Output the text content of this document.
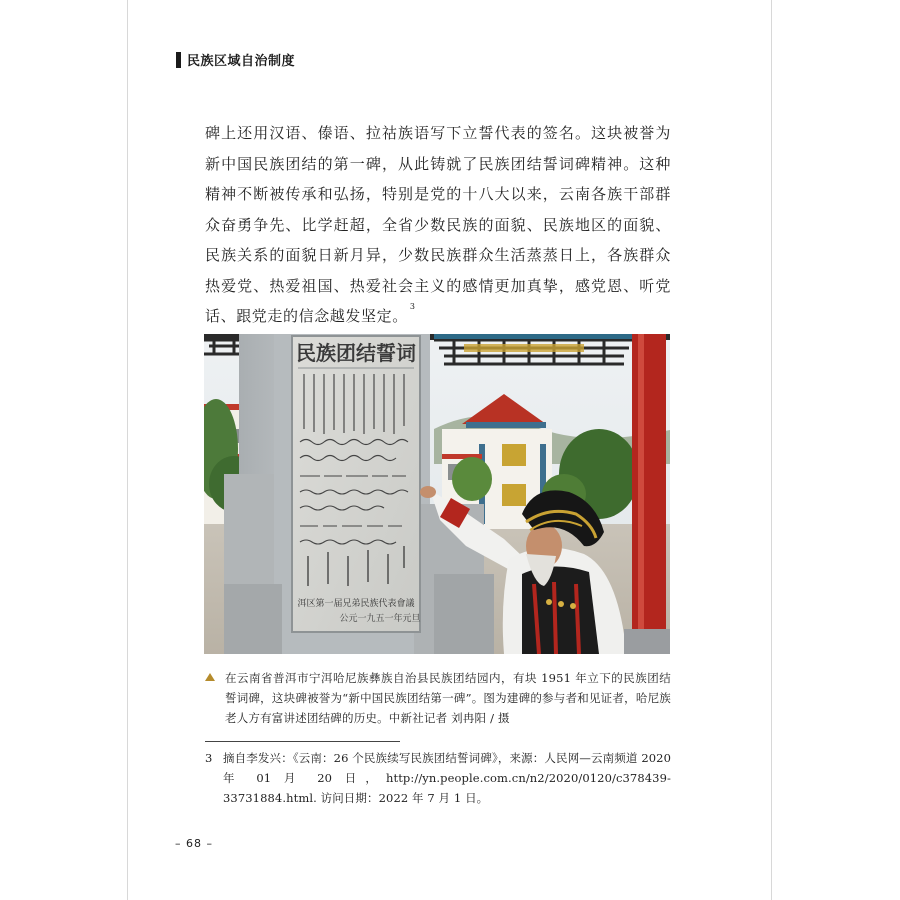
民族区域自治制度

碑上还用汉语、傣语、拉祜族语写下立誓代表的签名。这块被誉为新中国民族团结的第一碑，从此铸就了民族团结誓词碑精神。这种精神不断被传承和弘扬，特别是党的十八大以来，云南各族干部群众奋勇争先、比学赶超，全省少数民族的面貌、民族地区的面貌、民族关系的面貌日新月异，少数民族群众生活蒸蒸日上，各族群众热爱党、热爱祖国、热爱社会主义的感情更加真挚，感党恩、听党话、跟党走的信念越发坚定。$^3$

民族团结誓词
洱区第一届兄弟民族代表會議
公元一九五一年元旦

在云南省普洱市宁洱哈尼族彝族自治县民族团结园内，有块 1951 年立下的民族团结誓词碑，这块碑被誉为“新中国民族团结第一碑”。图为建碑的参与者和见证者，哈尼族老人方有富讲述团结碑的历史。中新社记者 刘冉阳 / 摄

3 摘自李发兴：《云南：26 个民族续写民族团结誓词碑》，来源：人民网—云南频道 2020 年 01 月 20 日，http://yn.people.com.cn/n2/2020/0120/c378439-33731884.html. 访问日期：2022 年 7 月 1 日。

– 68 –
